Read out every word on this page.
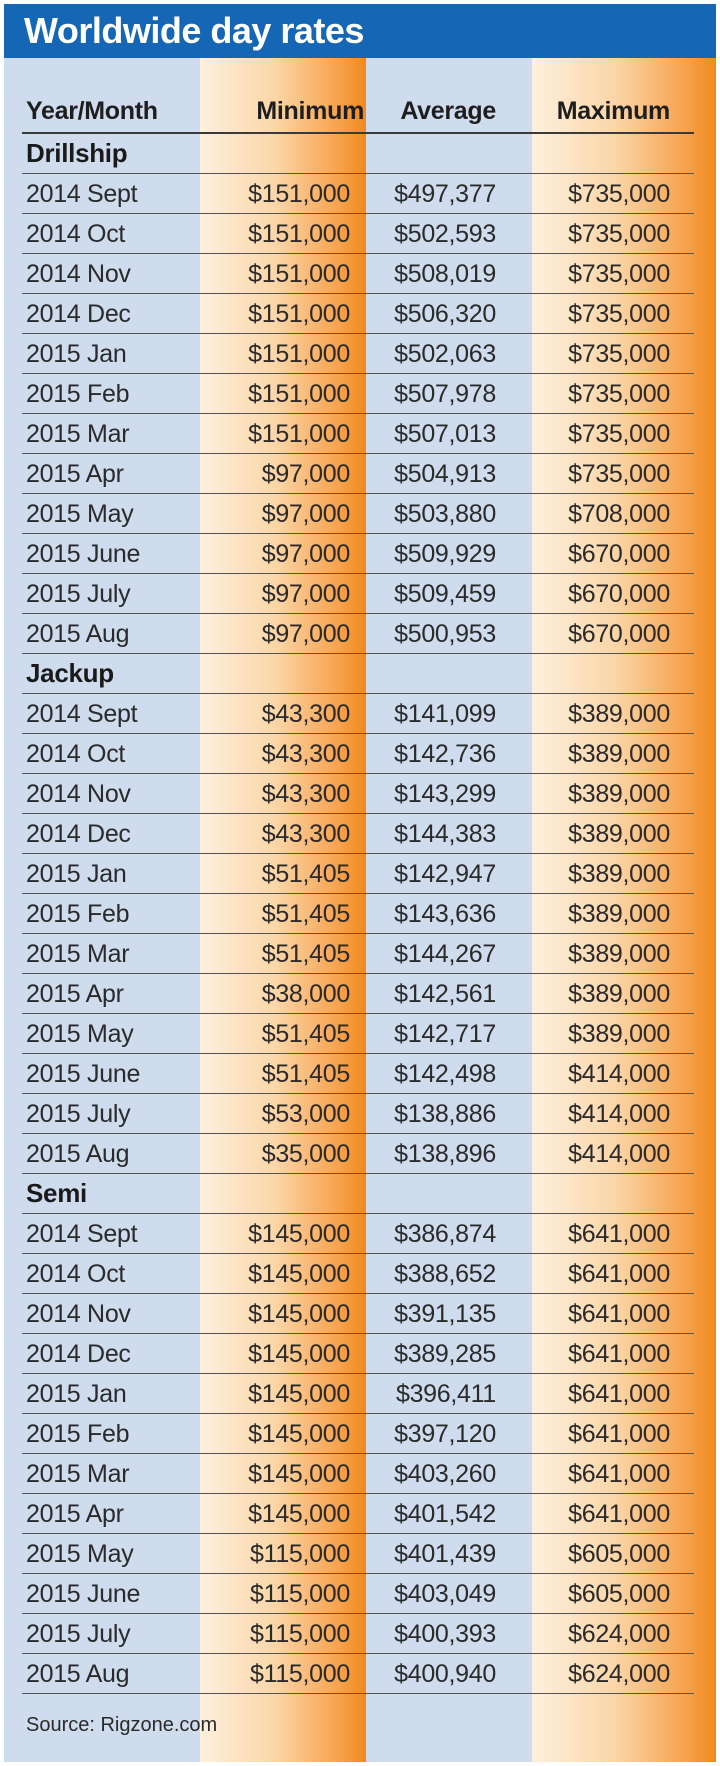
Worldwide day rates
Year/Month	Minimum Average Maximum
Drillship
2014 Sept	$151,000 $497,377	$735,000
2014 Oct	$151,000 $502,593	$735,000
2014 Nov	$151,000 $508,019	$735,000
2014 Dec	$151,000 $506,320	$735,000
2015 Jan	$151,000 $502,063	$735,000
2015 Feb	$151,000 $507,978	$735,000
2015 Mar	$151,000 $507,013	$735,000
2015 Apr	$97,000 $504,913	$735,000
2015 May	$97,000 $503,880	$708,000
2015 June	$97,000 $509,929	$670,000
2015 July	$97,000 $509,459	$670,000
2015 Aug	$97,000 $500,953	$670,000
Jackup
2014 Sept	$43,300 $141,099	$389,000
2014 Oct	$43,300 $142,736	$389,000
2014 Nov	$43,300 $143,299	$389,000
2014 Dec	$43,300 $144,383	$389,000
2015 Jan	$51,405 $142,947	$389,000
2015 Feb	$51,405 $143,636	$389,000
2015 Mar	$51,405 $144,267	$389,000
2015 Apr	$38,000 $142,561	$389,000
2015 May	$51,405 $142,717	$389,000
2015 June	$51,405 $142,498	$414,000
2015 July	$53,000 $138,886	$414,000
2015 Aug	$35,000 $138,896	$414,000
Semi
2014 Sept	$145,000 $386,874	$641,000
2014 Oct	$145,000 $388,652	$641,000
2014 Nov	$145,000 $391,135	$641,000
2014 Dec	$145,000 $389,285	$641,000
2015 Jan	$145,000 $396,411	$641,000
2015 Feb	$145,000 $397,120	$641,000
2015 Mar	$145,000 $403,260	$641,000
2015 Apr	$145,000 $401,542	$641,000
2015 May	$115,000 $401,439	$605,000
2015 June	$115,000 $403,049	$605,000
2015 July	$115,000 $400,393	$624,000
2015 Aug	$115,000 $400,940	$624,000
Source: Rigzone.com
